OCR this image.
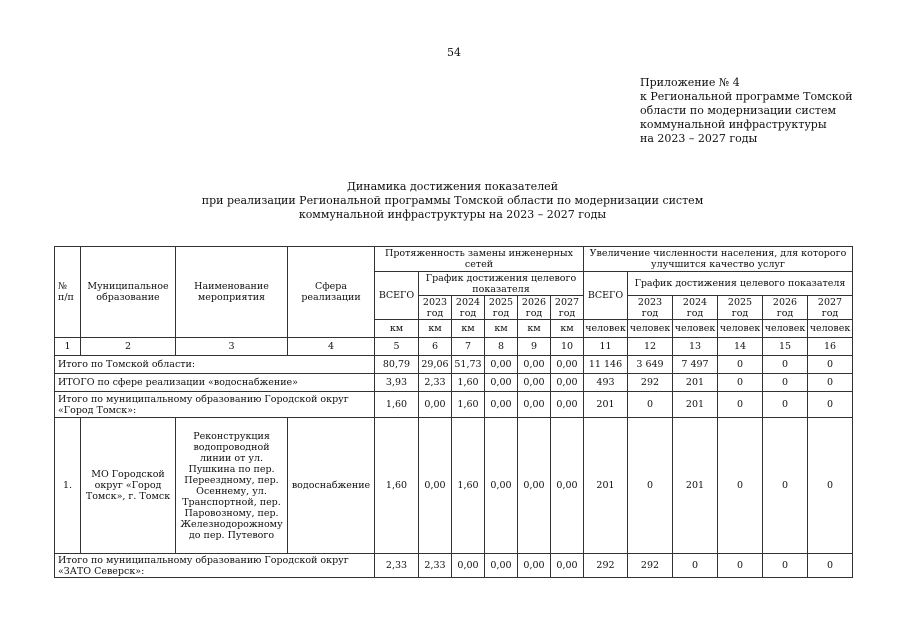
54
Приложение № 4
к Региональной программе Томской
области по модернизации систем
коммунальной инфраструктуры
на 2023 – 2027 годы
Динамика достижения показателей
при реализации Региональной программы Томской области по модернизации систем
коммунальной инфраструктуры на 2023 – 2027 годы
№ п/п	Муниципальное образование	Наименование мероприятия	Сфера реализации	Протяженность замены инженерных сетей						Увеличение численности населения, для которого улучшится качество услуг					
				ВСЕГО	График достижения целевого показателя					ВСЕГО	График достижения целевого показателя				
					2023 год	2024 год	2025 год	2026 год	2027 год		2023 год	2024 год	2025 год	2026 год	2027 год
				км	км	км	км	км	км	человек	человек	человек	человек	человек	человек
1	2	3	4	5	6	7	8	9	10	11	12	13	14	15	16
Итого по Томской области:				80,79	29,06	51,73	0,00	0,00	0,00	11 146	3 649	7 497	0	0	0
ИТОГО по сфере реализации «водоснабжение»				3,93	2,33	1,60	0,00	0,00	0,00	493	292	201	0	0	0
Итого по муниципальному образованию Городской округ «Город Томск»:				1,60	0,00	1,60	0,00	0,00	0,00	201	0	201	0	0	0
1.	МО Городской округ «Город Томск», г. Томск	Реконструкция водопроводной линии от ул. Пушкина по пер. Переездному, пер. Осеннему, ул. Транспортной, пер. Паровозному, пер. Железнодорожному до пер. Путевого	водоснабжение	1,60	0,00	1,60	0,00	0,00	0,00	201	0	201	0	0	0
Итого по муниципальному образованию Городской округ «ЗАТО Северск»:				2,33	2,33	0,00	0,00	0,00	0,00	292	292	0	0	0	0
